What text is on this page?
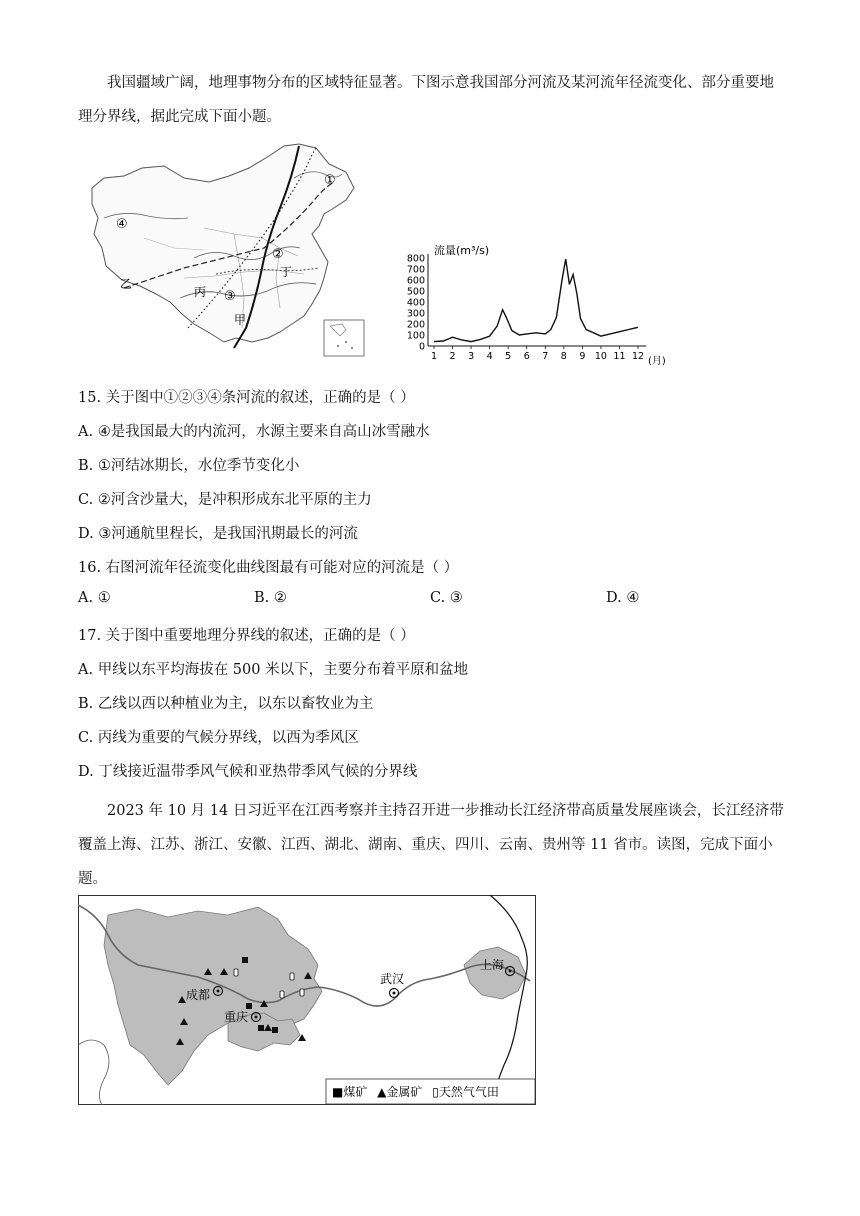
我国疆域广阔，地理事物分布的区域特征显著。下图示意我国部分河流及某河流年径流变化、部分重要地理分界线，据此完成下面小题。
①
②
③
④
甲
乙
丙
丁
0
100
200
300
400
500
600
700
800
1 2 3 4 5 6 7 8 9 10 11 12
流量(m³/s)
(月)
15. 关于图中①②③④条河流的叙述，正确的是（ ）
A. ④是我国最大的内流河，水源主要来自高山冰雪融水
B. ①河结冰期长，水位季节变化小
C. ②河含沙量大，是冲积形成东北平原的主力
D. ③河通航里程长，是我国汛期最长的河流
16. 右图河流年径流变化曲线图最有可能对应的河流是（ ）
A. ①	B. ②	C. ③	D. ④
17. 关于图中重要地理分界线的叙述，正确的是（ ）
A. 甲线以东平均海拔在 500 米以下，主要分布着平原和盆地
B. 乙线以西以种植业为主，以东以畜牧业为主
C. 丙线为重要的气候分界线，以西为季风区
D. 丁线接近温带季风气候和亚热带季风气候的分界线
2023 年 10 月 14 日习近平在江西考察并主持召开进一步推动长江经济带高质量发展座谈会，长江经济带覆盖上海、江苏、浙江、安徽、江西、湖北、湖南、重庆、四川、云南、贵州等 11 省市。读图，完成下面小题。
成都
重庆
武汉
上海
■煤矿 ▲金属矿 ▯天然气气田
